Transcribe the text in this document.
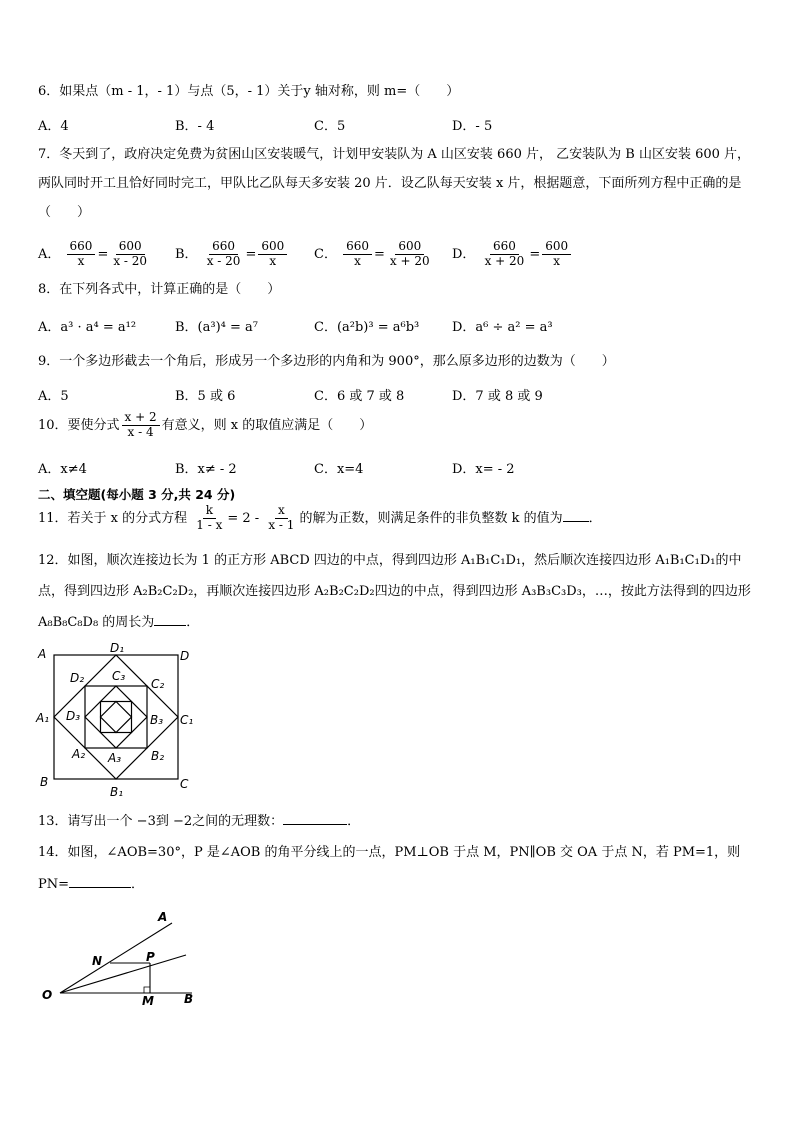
6．如果点（m - 1，- 1）与点（5，- 1）关于y 轴对称，则 m=（　　）
A．4	B．- 4	C．5	D．- 5
7．冬天到了，政府决定免费为贫困山区安装暖气，计划甲安装队为 A 山区安装 660 片， 乙安装队为 B 山区安装 600 片，两队同时开工且恰好同时完工，甲队比乙队每天多安装 20 片．设乙队每天安装 x 片，根据题意，下面所列方程中正确的是（　　）
A． $\frac{660}{x} = \frac{600}{x - 20}$ B． $\frac{660}{x - 20} = \frac{600}{x}$ C． $\frac{660}{x} = \frac{600}{x + 20}$ D． $\frac{660}{x + 20} = \frac{600}{x}$
8．在下列各式中，计算正确的是（　　）
A．a³ · a⁴ = a¹²	B．(a³)⁴ = a⁷	C．(a²b)³ = a⁶b³	D．a⁶ ÷ a² = a³
9．一个多边形截去一个角后，形成另一个多边形的内角和为 900°，那么原多边形的边数为（　　）
A．5	B．5 或 6	C．6 或 7 或 8	D．7 或 8 或 9
10．要使分式 $\frac{x + 2}{x - 4}$ 有意义，则 x 的取值应满足（　　）
A．x≠4	B．x≠ - 2	C．x=4	D．x= - 2
二、填空题(每小题 3 分,共 24 分)
11．若关于 x 的分式方程 $\frac{k}{1 - x} = 2 - \frac{x}{x - 1}$ 的解为正数，则满足条件的非负整数 k 的值为 ．
12．如图，顺次连接边长为 1 的正方形 ABCD 四边的中点，得到四边形 A₁B₁C₁D₁，然后顺次连接四边形 A₁B₁C₁D₁的中点，得到四边形 A₂B₂C₂D₂，再顺次连接四边形 A₂B₂C₂D₂四边的中点，得到四边形 A₃B₃C₃D₃，…，按此方法得到的四边形 A₈B₈C₈D₈ 的周长为 ．
A	D
B	C
D₁
A₁	C₁
B₁
D₂	C₂
A₂	B₂
C₃
D₃	B₃
A₃
13．请写出一个 −3到 −2之间的无理数：	．
14．如图，∠AOB=30°，P 是∠AOB 的角平分线上的一点，PM⊥OB 于点 M，PN∥OB 交 OA 于点 N，若 PM=1，则
PN=	．
O
A
B
N	P
M
